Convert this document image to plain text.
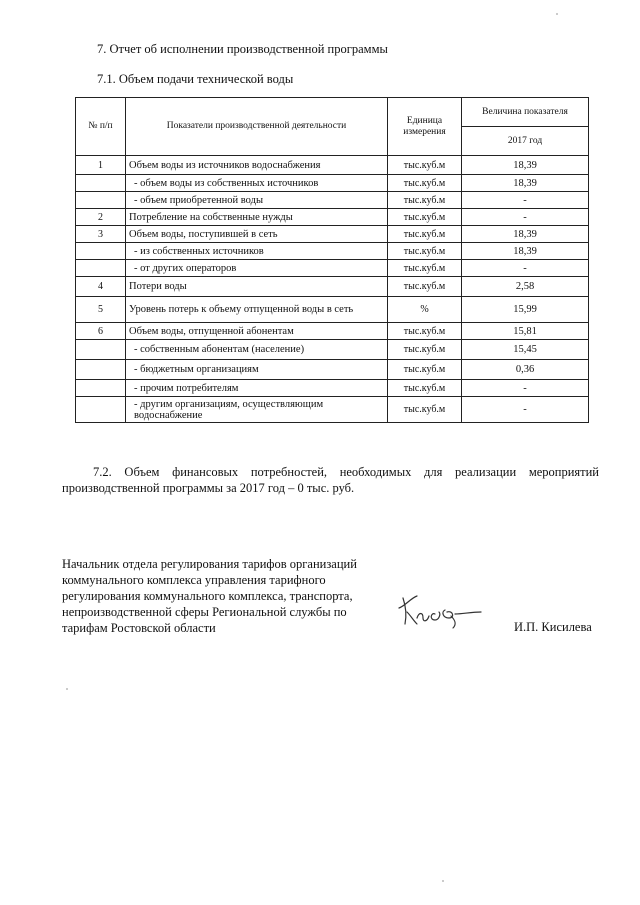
7. Отчет об исполнении производственной программы
7.1. Объем подачи технической воды
№ п/п	Показатели производственной деятельности	Единица измерения	Величина показателя
			2017 год
1	Объем воды из источников водоснабжения	тыс.куб.м	18,39
	- объем воды из собственных источников	тыс.куб.м	18,39
	- объем приобретенной воды	тыс.куб.м	-
2	Потребление на собственные нужды	тыс.куб.м	-
3	Объем воды, поступившей в сеть	тыс.куб.м	18,39
	- из собственных источников	тыс.куб.м	18,39
	- от других операторов	тыс.куб.м	-
4	Потери воды	тыс.куб.м	2,58
5	Уровень потерь к объему отпущенной воды в сеть	%	15,99
6	Объем воды, отпущенной абонентам	тыс.куб.м	15,81
	- собственным абонентам (население)	тыс.куб.м	15,45
	- бюджетным организациям	тыс.куб.м	0,36
	- прочим потребителям	тыс.куб.м	-
	- другим организациям, осуществляющим водоснабжение	тыс.куб.м	-

7.2. Объем финансовых потребностей, необходимых для реализации мероприятий производственной программы за 2017 год – 0 тыс. руб.

Начальник отдела регулирования тарифов организаций коммунального комплекса управления тарифного регулирования коммунального комплекса, транспорта, непроизводственной сферы Региональной службы по тарифам Ростовской области	И.П. Кисилева
